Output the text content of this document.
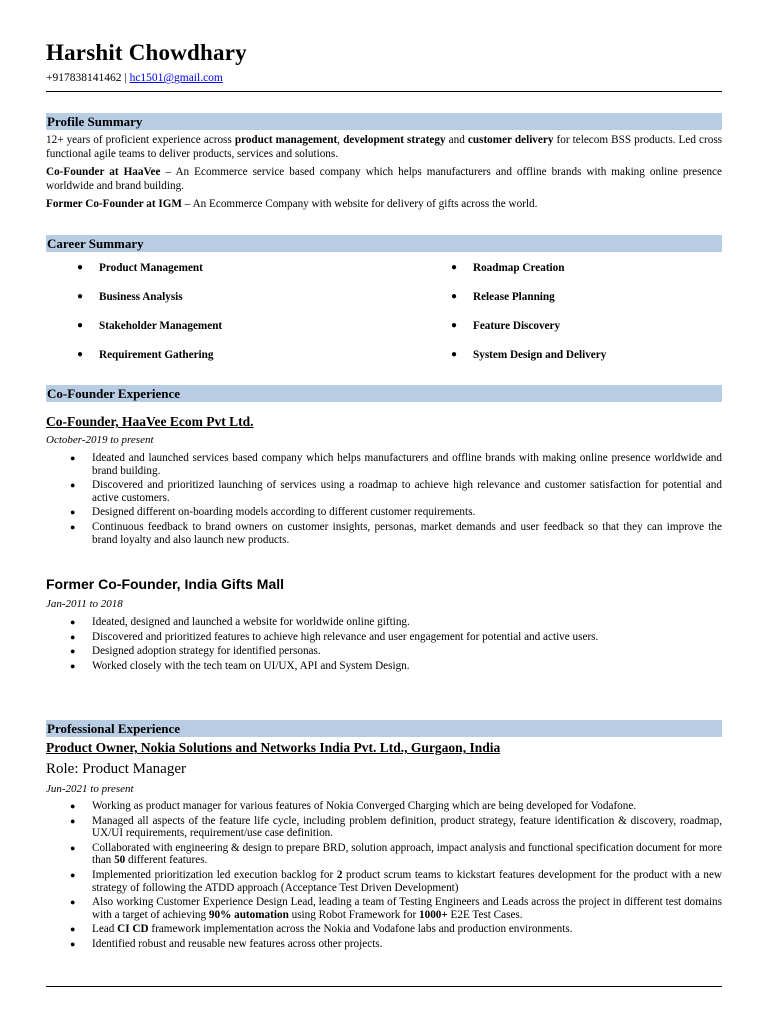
Harshit Chowdhary
+917838141462 | hc1501@gmail.com
Profile Summary
12+ years of proficient experience across product management, development strategy and customer delivery for telecom BSS products. Led cross functional agile teams to deliver products, services and solutions.
Co-Founder at HaaVee – An Ecommerce service based company which helps manufacturers and offline brands with making online presence worldwide and brand building.
Former Co-Founder at IGM – An Ecommerce Company with website for delivery of gifts across the world.
Career Summary
● Product Management
● Business Analysis
● Stakeholder Management
● Requirement Gathering
● Roadmap Creation
● Release Planning
● Feature Discovery
● System Design and Delivery
Co-Founder Experience
Co-Founder, HaaVee Ecom Pvt Ltd.
October-2019 to present
● Ideated and launched services based company which helps manufacturers and offline brands with making online presence worldwide and brand building.
● Discovered and prioritized launching of services using a roadmap to achieve high relevance and customer satisfaction for potential and active customers.
● Designed different on-boarding models according to different customer requirements.
● Continuous feedback to brand owners on customer insights, personas, market demands and user feedback so that they can improve the brand loyalty and also launch new products.
Former Co-Founder, India Gifts Mall
Jan-2011 to 2018
● Ideated, designed and launched a website for worldwide online gifting.
● Discovered and prioritized features to achieve high relevance and user engagement for potential and active users.
● Designed adoption strategy for identified personas.
● Worked closely with the tech team on UI/UX, API and System Design.
Professional Experience
Product Owner, Nokia Solutions and Networks India Pvt. Ltd., Gurgaon, India
Role: Product Manager
Jun-2021 to present
● Working as product manager for various features of Nokia Converged Charging which are being developed for Vodafone.
● Managed all aspects of the feature life cycle, including problem definition, product strategy, feature identification & discovery, roadmap, UX/UI requirements, requirement/use case definition.
● Collaborated with engineering & design to prepare BRD, solution approach, impact analysis and functional specification document for more than 50 different features.
● Implemented prioritization led execution backlog for 2 product scrum teams to kickstart features development for the product with a new strategy of following the ATDD approach (Acceptance Test Driven Development)
● Also working Customer Experience Design Lead, leading a team of Testing Engineers and Leads across the project in different test domains with a target of achieving 90% automation using Robot Framework for 1000+ E2E Test Cases.
● Lead CI CD framework implementation across the Nokia and Vodafone labs and production environments.
● Identified robust and reusable new features across other projects.
